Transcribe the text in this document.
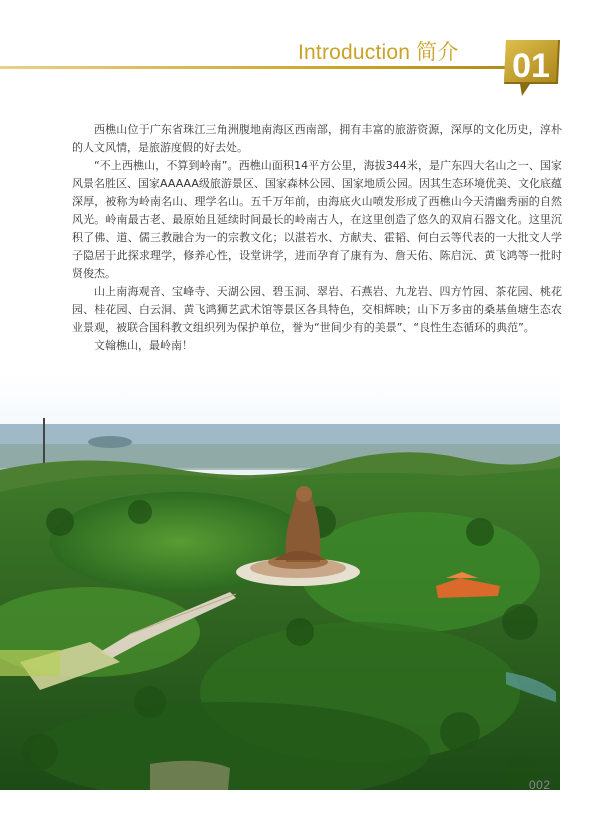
Introduction 简介	01

西樵山位于广东省珠江三角洲腹地南海区西南部，拥有丰富的旅游资源，深厚的文化历史，淳朴的人文风情，是旅游度假的好去处。

“不上西樵山，不算到岭南”。西樵山面积14平方公里，海拔344米，是广东四大名山之一、国家风景名胜区、国家AAAAA级旅游景区、国家森林公园、国家地质公园。因其生态环境优美、文化底蕴深厚，被称为岭南名山、理学名山。五千万年前，由海底火山喷发形成了西樵山今天清幽秀丽的自然风光。岭南最古老、最原始且延续时间最长的岭南古人，在这里创造了悠久的双肩石器文化。这里沉积了佛、道、儒三教融合为一的宗教文化；以湛若水、方献夫、霍韬、何白云等代表的一大批文人学子隐居于此探求理学，修养心性，设堂讲学，进而孕育了康有为、詹天佑、陈启沅、黄飞鸿等一批时贤俊杰。

山上南海观音、宝峰寺、天湖公园、碧玉洞、翠岩、石燕岩、九龙岩、四方竹园、茶花园、桃花园、桂花园、白云洞、黄飞鸿狮艺武术馆等景区各具特色，交相辉映；山下万多亩的桑基鱼塘生态农业景观，被联合国科教文组织列为保护单位，誉为“世间少有的美景”、“良性生态循环的典范”。

文翰樵山，最岭南！

002
